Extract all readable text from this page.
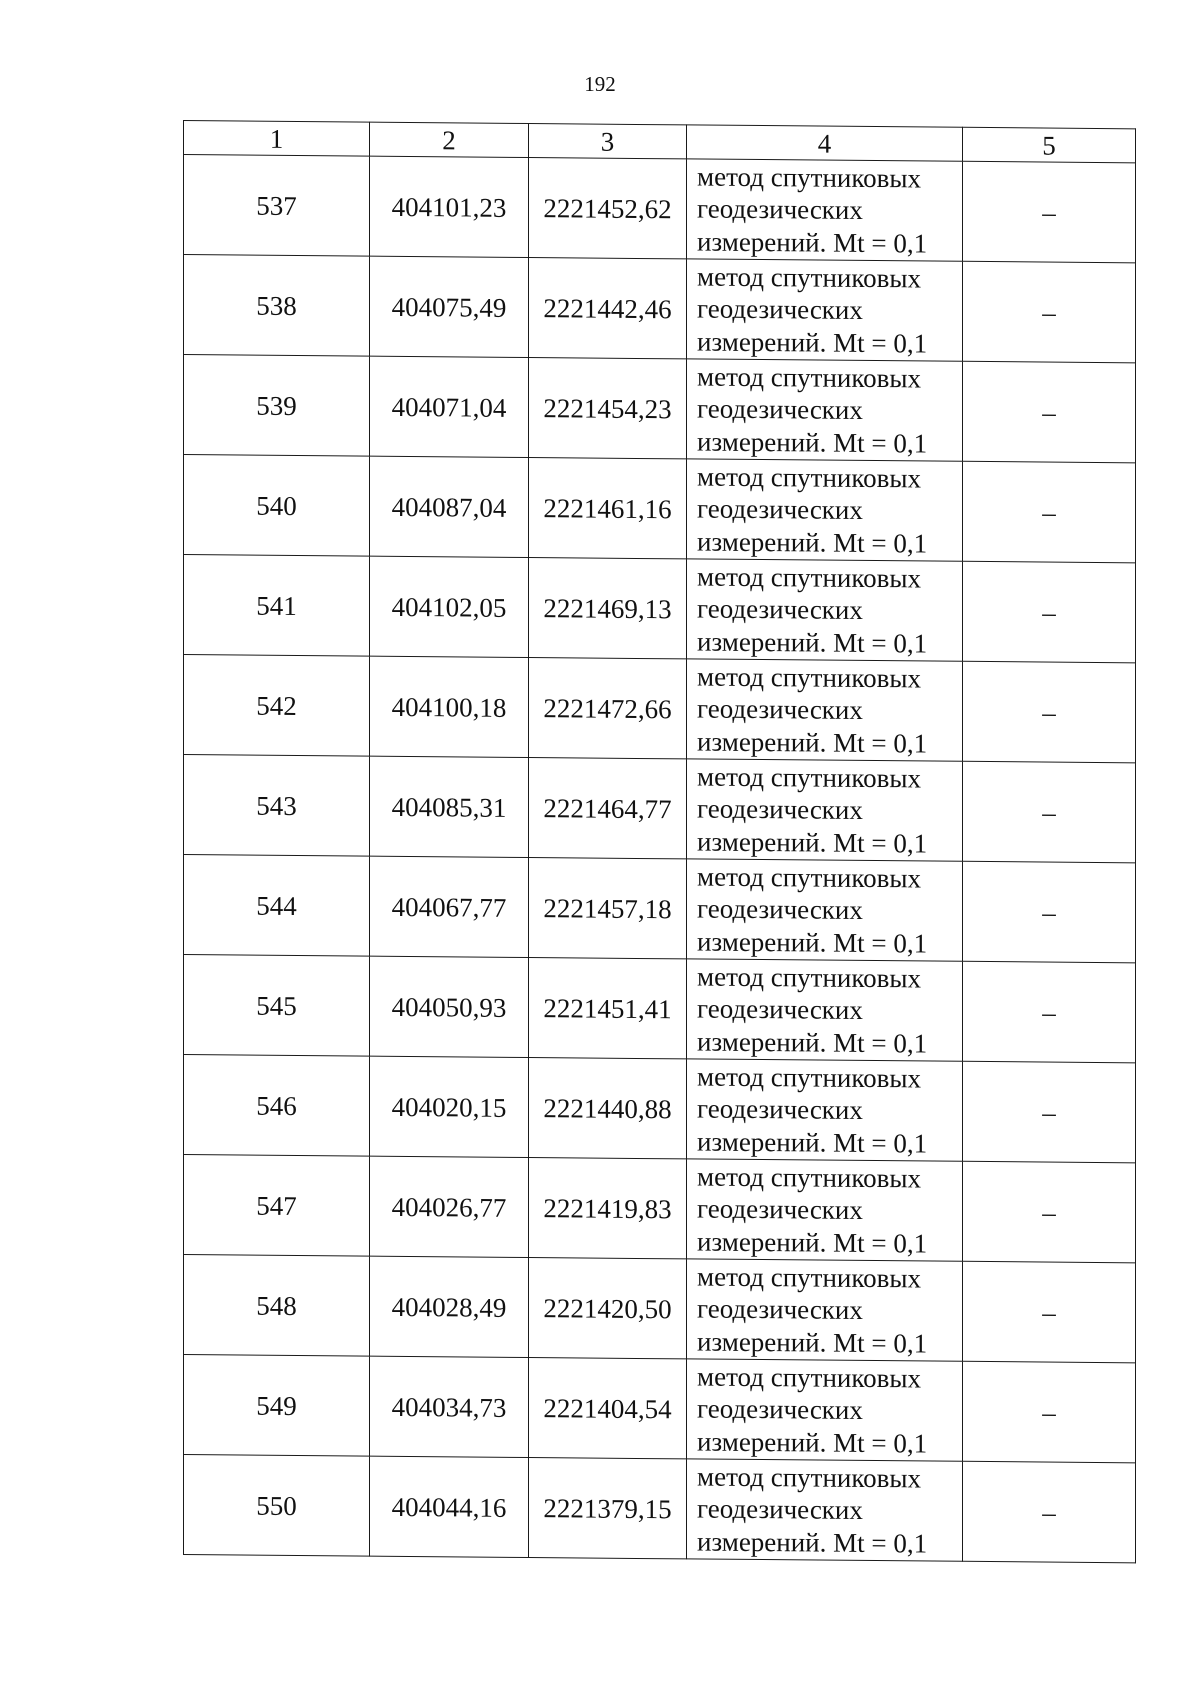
192
1	2	3	4	5
537	404101,23	2221452,62	метод спутниковых
геодезических
измерений. Mt = 0,1	–
538	404075,49	2221442,46	метод спутниковых
геодезических
измерений. Mt = 0,1	–
539	404071,04	2221454,23	метод спутниковых
геодезических
измерений. Mt = 0,1	–
540	404087,04	2221461,16	метод спутниковых
геодезических
измерений. Mt = 0,1	–
541	404102,05	2221469,13	метод спутниковых
геодезических
измерений. Mt = 0,1	–
542	404100,18	2221472,66	метод спутниковых
геодезических
измерений. Mt = 0,1	–
543	404085,31	2221464,77	метод спутниковых
геодезических
измерений. Mt = 0,1	–
544	404067,77	2221457,18	метод спутниковых
геодезических
измерений. Mt = 0,1	–
545	404050,93	2221451,41	метод спутниковых
геодезических
измерений. Mt = 0,1	–
546	404020,15	2221440,88	метод спутниковых
геодезических
измерений. Mt = 0,1	–
547	404026,77	2221419,83	метод спутниковых
геодезических
измерений. Mt = 0,1	–
548	404028,49	2221420,50	метод спутниковых
геодезических
измерений. Mt = 0,1	–
549	404034,73	2221404,54	метод спутниковых
геодезических
измерений. Mt = 0,1	–
550	404044,16	2221379,15	метод спутниковых
геодезических
измерений. Mt = 0,1	–
